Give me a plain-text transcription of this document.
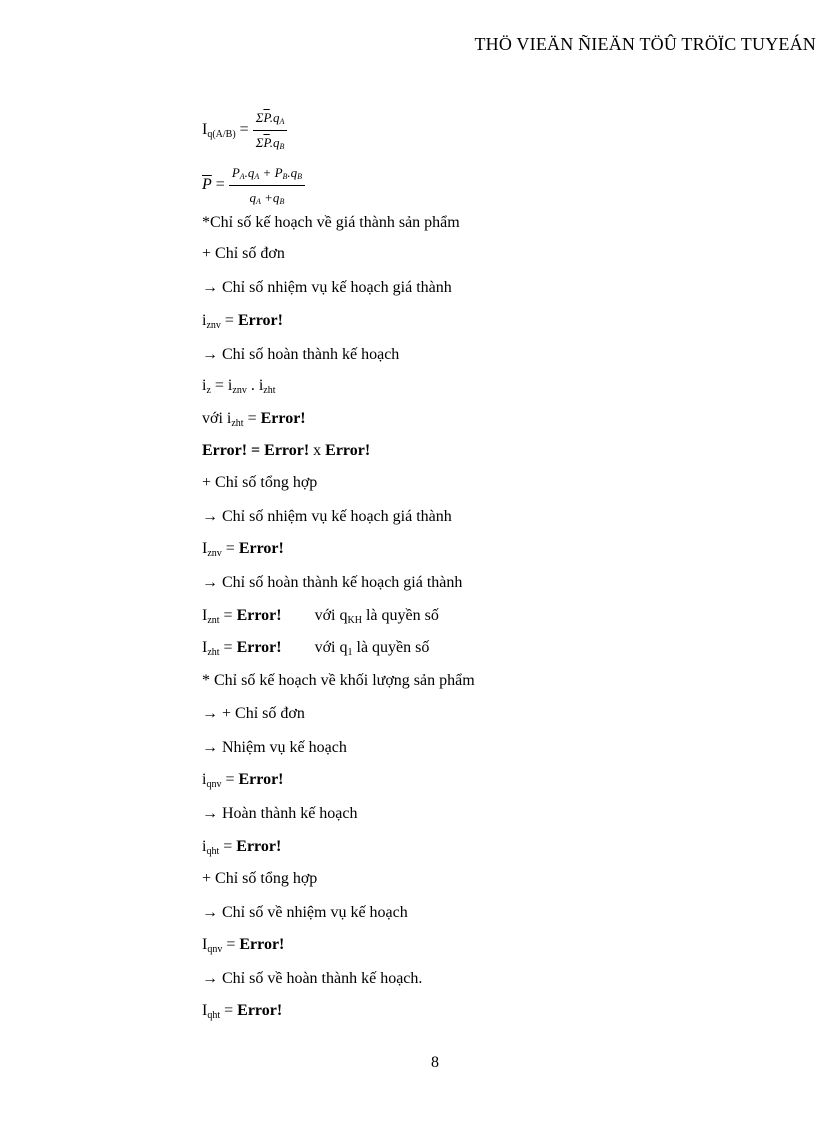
THÖ VIEÄN ÑIEÄN TÖÛ TRÖÏC TUYEÁN
$I_{q(A/B)} = \frac{\Sigma\overline{P}.q_A}{\Sigma\overline{P}.q_B}$
$\overline{P} = \frac{P_A.q_A + P_B.q_B}{q_A +q_B}$
*Chỉ số kế hoạch về giá thành sản phẩm
+ Chỉ số đơn
→ Chỉ số nhiệm vụ kế hoạch giá thành
$i_{znv}$ = Error!
→ Chỉ số hoàn thành kế hoạch
$i_z = i_{znv}$ . $i_{zht}$
với $i_{zht}$ = Error!
Error! = Error! x Error!
+ Chỉ số tổng hợp
→ Chỉ số nhiệm vụ kế hoạch giá thành
$I_{znv}$ = Error!
→ Chỉ số hoàn thành kế hoạch giá thành
$I_{znt}$ = Error! với $q_{KH}$ là quyền số
$I_{zht}$ = Error! với $q_1$ là quyền số
* Chỉ số kế hoạch về khối lượng sản phẩm
→ + Chỉ số đơn
→ Nhiệm vụ kế hoạch
$i_{qnv}$ = Error!
→ Hoàn thành kế hoạch
$i_{qht}$ = Error!
+ Chỉ số tổng hợp
→ Chỉ số về nhiệm vụ kế hoạch
$I_{qnv}$ = Error!
→ Chỉ số về hoàn thành kế hoạch.
$I_{qht}$ = Error!
8
